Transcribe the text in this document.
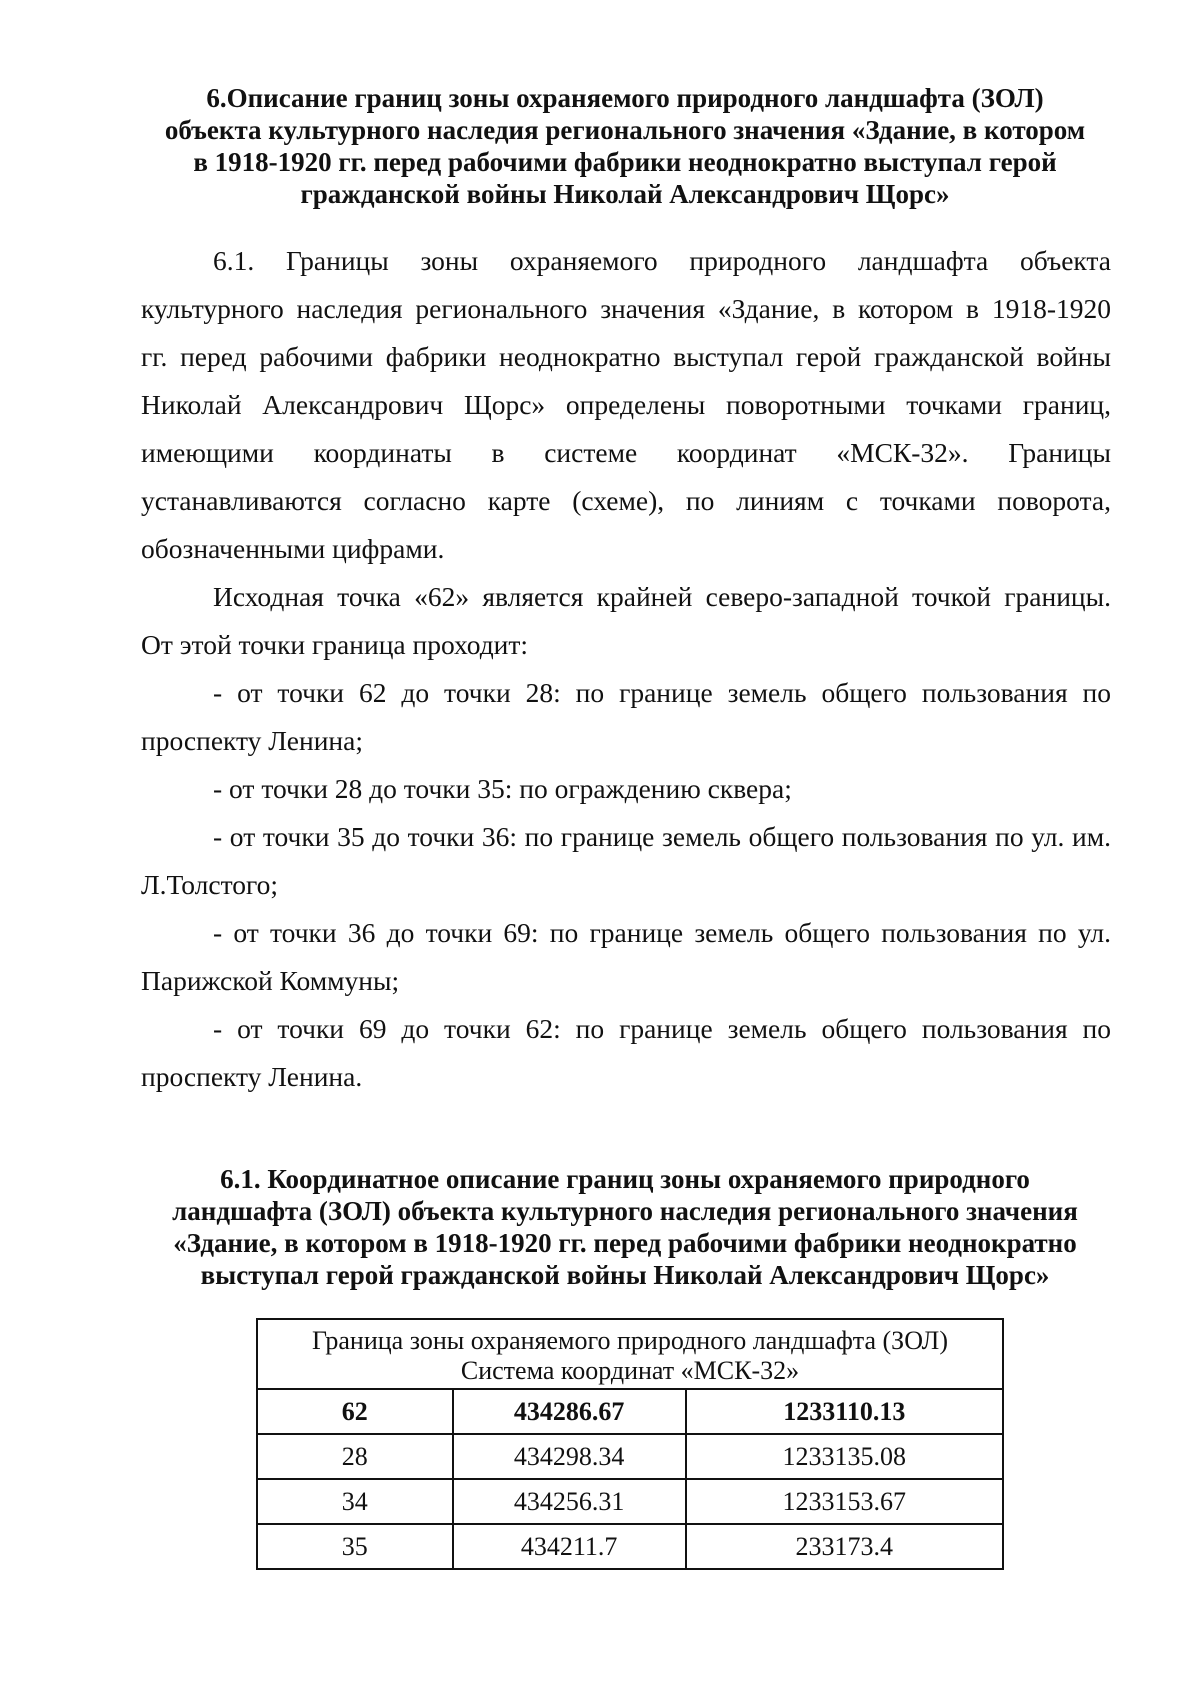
6.Описание границ зоны охраняемого природного ландшафта (ЗОЛ)
объекта культурного наследия регионального значения «Здание, в котором
в 1918-1920 гг. перед рабочими фабрики неоднократно выступал герой
гражданской войны Николай Александрович Щорс»

6.1. Границы зоны охраняемого природного ландшафта объекта
культурного наследия регионального значения «Здание, в котором в 1918-1920
гг. перед рабочими фабрики неоднократно выступал герой гражданской войны
Николай Александрович Щорс» определены поворотными точками границ,
имеющими координаты в системе координат «МСК-32». Границы
устанавливаются согласно карте (схеме), по линиям с точками поворота,
обозначенными цифрами.

Исходная точка «62» является крайней северо-западной точкой границы.
От этой точки граница проходит:

- от точки 62 до точки 28: по границе земель общего пользования по
проспекту Ленина;

- от точки 28 до точки 35: по ограждению сквера;

- от точки 35 до точки 36: по границе земель общего пользования по ул. им.
Л.Толстого;

- от точки 36 до точки 69: по границе земель общего пользования по ул.
Парижской Коммуны;

- от точки 69 до точки 62: по границе земель общего пользования по
проспекту Ленина.

6.1. Координатное описание границ зоны охраняемого природного
ландшафта (ЗОЛ) объекта культурного наследия регионального значения
«Здание, в котором в 1918-1920 гг. перед рабочими фабрики неоднократно
выступал герой гражданской войны Николай Александрович Щорс»
Граница зоны охраняемого природного ландшафта (ЗОЛ)
Система координат «МСК-32»		

62	434286.67	1233110.13
28	434298.34	1233135.08
34	434256.31	1233153.67
35	434211.7	233173.4
